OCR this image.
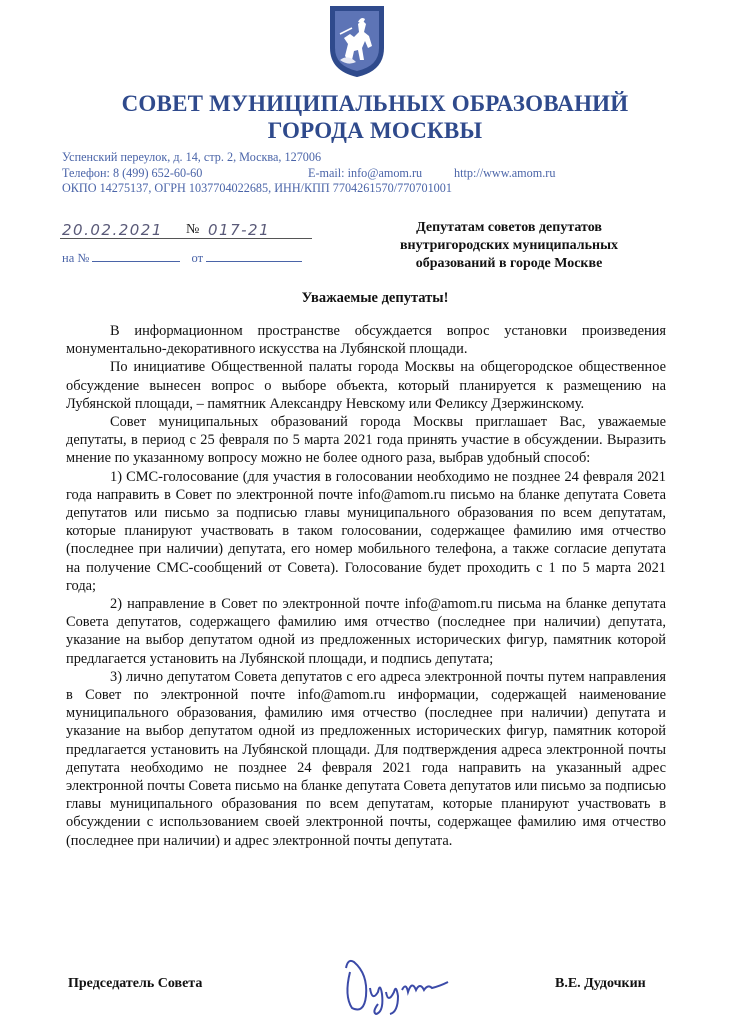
СОВЕТ МУНИЦИПАЛЬНЫХ ОБРАЗОВАНИЙ
ГОРОДА МОСКВЫ
Успенский переулок, д. 14, стр. 2, Москва, 127006
Телефон: 8 (499) 652-60-60	E-mail: info@amom.ru	http://www.amom.ru
ОКПО 14275137, ОГРН 1037704022685, ИНН/КПП 7704261570/770701001
20.02.2021 № 017-21
на №	от
Депутатам советов депутатов внутригородских муниципальных образований в городе Москве
Уважаемые депутаты!

В информационном пространстве обсуждается вопрос установки произведения монументально-декоративного искусства на Лубянской площади.

По инициативе Общественной палаты города Москвы на общегородское общественное обсуждение вынесен вопрос о выборе объекта, который планируется к размещению на Лубянской площади, – памятник Александру Невскому или Феликсу Дзержинскому.

Совет муниципальных образований города Москвы приглашает Вас, уважаемые депутаты, в период с 25 февраля по 5 марта 2021 года принять участие в обсуждении. Выразить мнение по указанному вопросу можно не более одного раза, выбрав удобный способ:

1) СМС-голосование (для участия в голосовании необходимо не позднее 24 февраля 2021 года направить в Совет по электронной почте info@amom.ru письмо на бланке депутата Совета депутатов или письмо за подписью главы муниципального образования по всем депутатам, которые планируют участвовать в таком голосовании, содержащее фамилию имя отчество (последнее при наличии) депутата, его номер мобильного телефона, а также согласие депутата на получение СМС-сообщений от Совета). Голосование будет проходить с 1 по 5 марта 2021 года;

2) направление в Совет по электронной почте info@amom.ru письма на бланке депутата Совета депутатов, содержащего фамилию имя отчество (последнее при наличии) депутата, указание на выбор депутатом одной из предложенных исторических фигур, памятник которой предлагается установить на Лубянской площади, и подпись депутата;

3) лично депутатом Совета депутатов с его адреса электронной почты путем направления в Совет по электронной почте info@amom.ru информации, содержащей наименование муниципального образования, фамилию имя отчество (последнее при наличии) депутата и указание на выбор депутатом одной из предложенных исторических фигур, памятник которой предлагается установить на Лубянской площади. Для подтверждения адреса электронной почты депутата необходимо не позднее 24 февраля 2021 года направить на указанный адрес электронной почты Совета письмо на бланке депутата Совета депутатов или письмо за подписью главы муниципального образования по всем депутатам, которые планируют участвовать в обсуждении с использованием своей электронной почты, содержащее фамилию имя отчество (последнее при наличии) и адрес электронной почты депутата.

Председатель Совета	В.Е. Дудочкин
